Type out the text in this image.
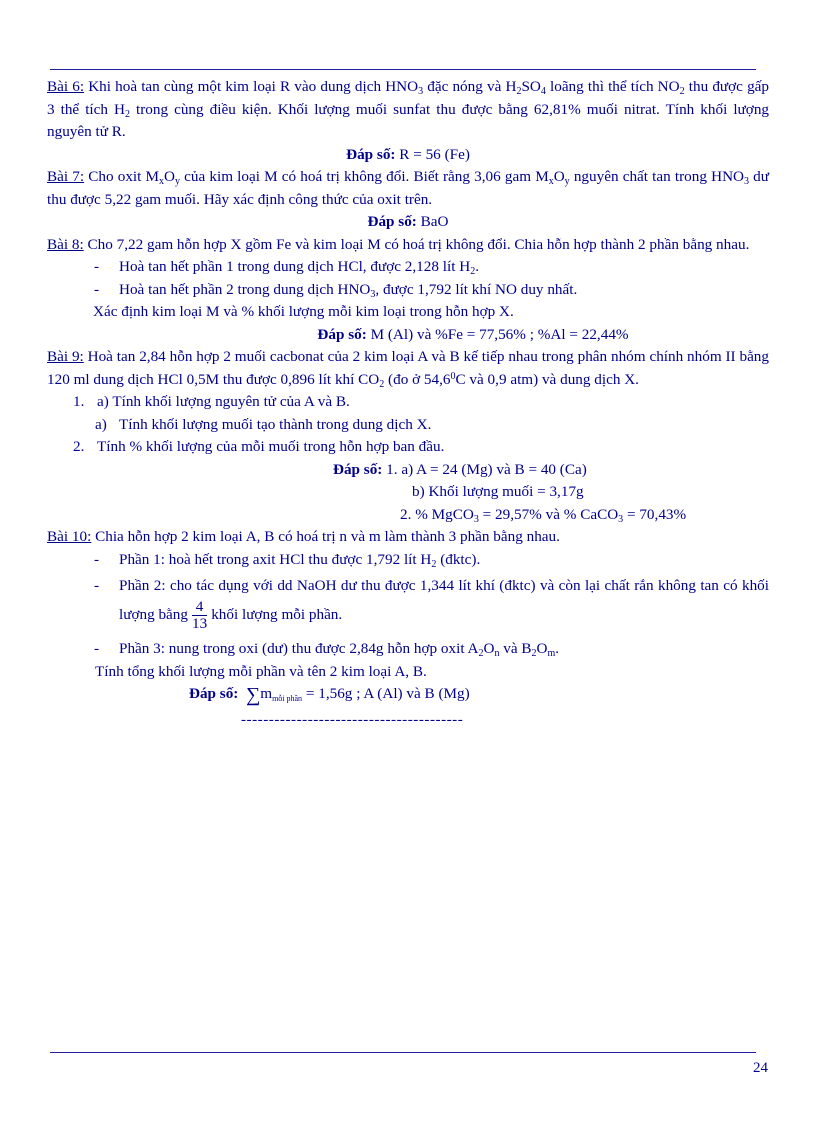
Bài 6: Khi hoà tan cùng một kim loại R vào dung dịch $HNO_3$ đặc nóng và $H_2SO_4$ loãng thì thể tích $NO_2$ thu được gấp 3 thể tích $H_2$ trong cùng điều kiện. Khối lượng muối sunfat thu được bằng 62,81% muối nitrat. Tính khối lượng nguyên tử R.

Đáp số: R = 56 (Fe)

Bài 7: Cho oxit $M_xO_y$ của kim loại M có hoá trị không đổi. Biết rằng 3,06 gam $M_xO_y$ nguyên chất tan trong $HNO_3$ dư thu được 5,22 gam muối. Hãy xác định công thức của oxit trên.

Đáp số: BaO

Bài 8: Cho 7,22 gam hỗn hợp X gồm Fe và kim loại M có hoá trị không đổi. Chia hỗn hợp thành 2 phần bằng nhau.

- Hoà tan hết phần 1 trong dung dịch HCl, được 2,128 lít $H_2$.

- Hoà tan hết phần 2 trong dung dịch $HNO_3$, được 1,792 lít khí NO duy nhất.

Xác định kim loại M và % khối lượng mỗi kim loại trong hỗn hợp X.

Đáp số: M (Al) và %Fe = 77,56% ; %Al = 22,44%

Bài 9: Hoà tan 2,84 hỗn hợp 2 muối cacbonat của 2 kim loại A và B kế tiếp nhau trong phân nhóm chính nhóm II bằng 120 ml dung dịch HCl 0,5M thu được 0,896 lít khí $CO_2$ (đo ở 54,6$^0$C và 0,9 atm) và dung dịch X.

1. a) Tính khối lượng nguyên tử của A và B.

a) Tính khối lượng muối tạo thành trong dung dịch X.

2. Tính % khối lượng của mỗi muối trong hỗn hợp ban đầu.

Đáp số: 1. a) A = 24 (Mg) và B = 40 (Ca)

b) Khối lượng muối = 3,17g

2. % MgCO$_3$ = 29,57% và % CaCO$_3$ = 70,43%

Bài 10: Chia hỗn hợp 2 kim loại A, B có hoá trị n và m làm thành 3 phần bằng nhau.

- Phần 1: hoà hết trong axit HCl thu được 1,792 lít $H_2$ (đktc).

- Phần 2: cho tác dụng với dd NaOH dư thu được 1,344 lít khí (đktc) và còn lại chất rắn không tan có khối lượng bằng $\frac{4}{13}$ khối lượng mỗi phần.

- Phần 3: nung trong oxi (dư) thu được 2,84g hỗn hợp oxit $A_2O_n$ và $B_2O_m$.

Tính tổng khối lượng mỗi phần và tên 2 kim loại A, B.

Đáp số: $\sum m_{mỗi phần} = 1,56g$ ; A (Al) và B (Mg)

----------------------------------------

24
